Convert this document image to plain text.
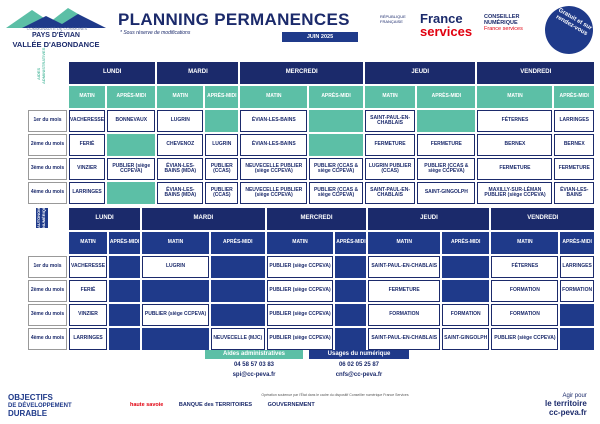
COMMUNAUTÉ DE COMMUNES
PAYS D'ÉVIAN
VALLÉE D'ABONDANCE
PLANNING PERMANENCES
* Sous réserve de modifications
JUIN 2025
RÉPUBLIQUE
FRANÇAISE France
services
CONSEILLER
NUMÉRIQUE
France services	Gratuit et sur rendez-vous
AIDES ADMINISTRATIVES
		LUNDI		MARDI		MERCREDI		JEUDI		VENDREDI	
	MATIN	APRÈS-MIDI	MATIN	APRÈS-MIDI	MATIN	APRÈS-MIDI	MATIN	APRÈS-MIDI	MATIN	APRÈS-MIDI
1er du mois	VACHERESSE	BONNEVAUX	LUGRIN		ÉVIAN-LES-BAINS		SAINT-PAUL-EN-CHABLAIS		FÉTERNES	LARRINGES
2ème du mois	FERIÉ		CHEVENOZ	LUGRIN	ÉVIAN-LES-BAINS		FERMETURE	FERMETURE	BERNEX	BERNEX
3ème du mois	VINZIER	PUBLIER (siège CCPEVA)	ÉVIAN-LES-BAINS (MDA)	PUBLIER (CCAS)	NEUVECELLE PUBLIER (siège CCPEVA)	PUBLIER (CCAS & siège CCPEVA)	LUGRIN PUBLIER (CCAS)	PUBLIER (CCAS & siège CCPEVA)	FERMETURE	FERMETURE
4ème du mois	LARRINGES		ÉVIAN-LES-BAINS (MDA)	PUBLIER (CCAS)	NEUVECELLE PUBLIER (siège CCPEVA)	PUBLIER (CCAS & siège CCPEVA)	SAINT-PAUL-EN-CHABLAIS	SAINT-GINGOLPH	MAXILLY-SUR-LÉMAN PUBLIER (siège CCPEVA)	ÉVIAN-LES-BAINS
AUTONOMIE NUMÉRIQUE
		LUNDI		MARDI		MERCREDI		JEUDI		VENDREDI	
	MATIN	APRÈS-MIDI	MATIN	APRÈS-MIDI	MATIN	APRÈS-MIDI	MATIN	APRÈS-MIDI	MATIN	APRÈS-MIDI
1er du mois	VACHERESSE		LUGRIN		PUBLIER (siège CCPEVA)		SAINT-PAUL-EN-CHABLAIS		FÉTERNES	LARRINGES
2ème du mois	FERIÉ				PUBLIER (siège CCPEVA)		FERMETURE		FORMATION	FORMATION
3ème du mois	VINZIER		PUBLIER (siège CCPEVA)		PUBLIER (siège CCPEVA)		FORMATION	FORMATION	FORMATION	
4ème du mois	LARRINGES			NEUVECELLE (MJC)	PUBLIER (siège CCPEVA)		SAINT-PAUL-EN-CHABLAIS	SAINT-GINGOLPH	PUBLIER (siège CCPEVA)	
Aides administratives	Usages du numérique
04 58 57 03 83
spi@cc-peva.fr
06 02 05 25 87
cnfs@cc-peva.fr
OBJECTIFS
DE DÉVELOPPEMENT
DURABLE
Opération soutenue par l'État dans le cadre du dispositif Conseiller numérique France Services
haute savoie	BANQUE des TERRITOIRES	GOUVERNEMENT
Agir pour
le territoire
cc-peva.fr
